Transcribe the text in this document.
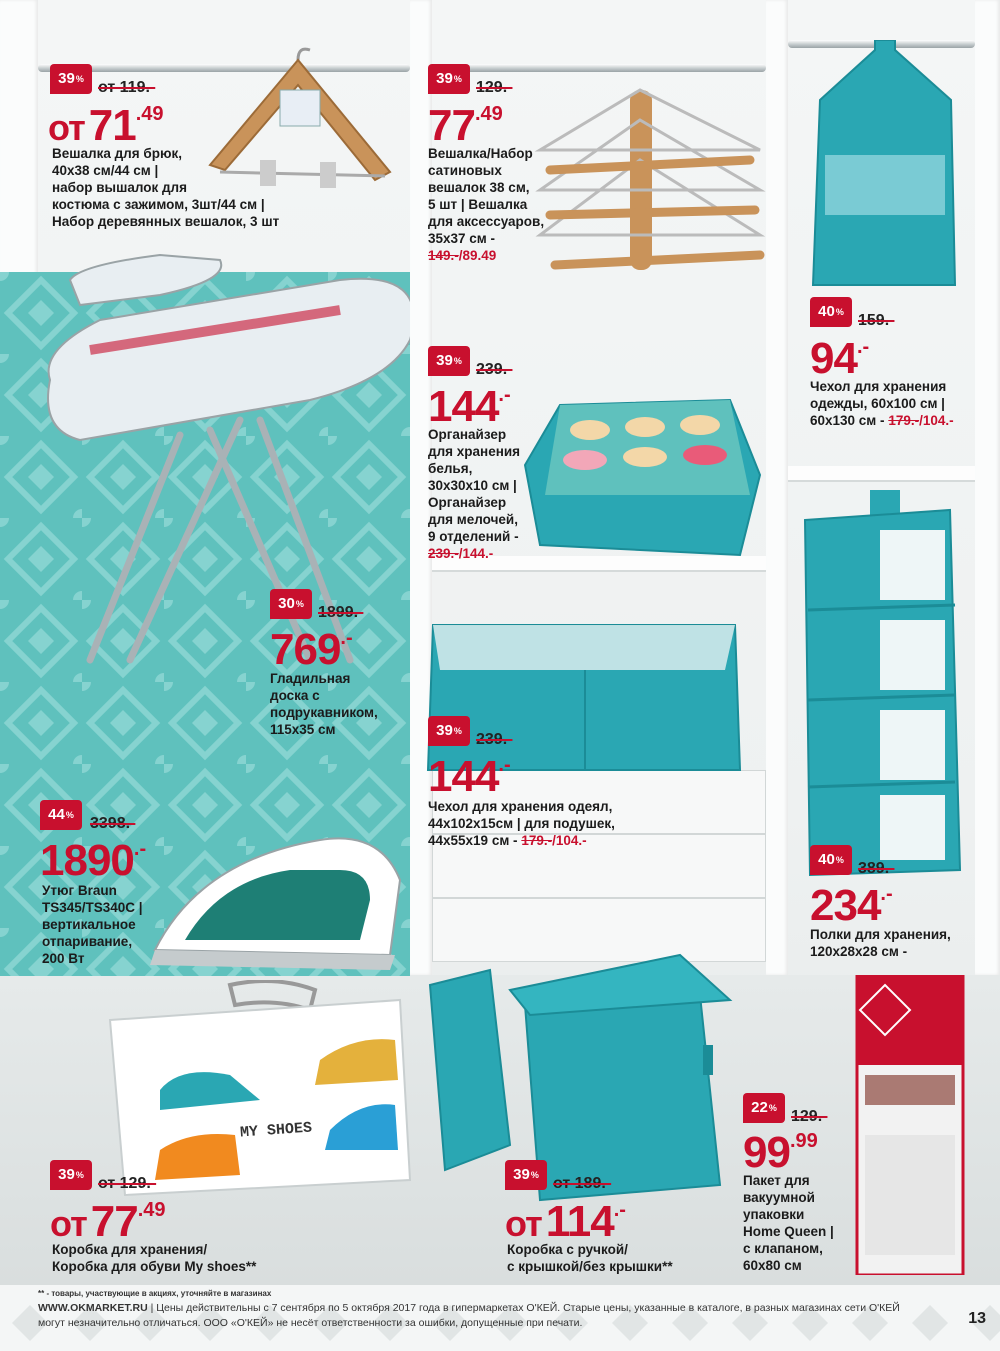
MY SHOES
39% от 119.-
$от71^{.49}$
Вешалка для брюк,
40x38 см/44 см |
набор вышалок для
костюма с зажимом, 3шт/44 см |
Набор деревянных вешалок, 3 шт
39% 129.-
$77^{.49}$
Вешалка/Набор
сатиновых
вешалок 38 см,
5 шт | Вешалка
для аксессуаров,
35x37 см -
149.-/89.49
40% 159.-
94.-
Чехол для хранения
одежды, 60x100 см |
60x130 см - 179.-/104.-
39% 239.-
144.-
Органайзер
для хранения
белья,
30x30x10 см |
Органайзер
для мелочей,
9 отделений -
239.-/144.-
30% 1899.-
769.-
Гладильная
доска с
подрукавником,
115x35 см	39% 239.-
144.-
Чехол для хранения одеял,
44x102x15см | для подушек,
44x55x19 см - 179.-/104.-
44%	3398.-
1890.-
Утюг Braun
TS345/TS340C |
вертикальное
отпаривание,
200 Вт
40% 389.-
234.-
Полки для хранения,
120x28x28 см -
39% от 129.-
$от77^{.49}$
Коробка для хранения/
Коробка для обуви My shoes**
39% от 189.-
от114.-
Коробка с ручкой/
с крышкой/без крышки**
22% 129.-
$99^{.99}$
Пакет для
вакуумной
упаковки
Home Queen |
с клапаном,
60x80 см
** - товары, участвующие в акциях, уточняйте в магазинах
WWW.OKMARKET.RU | Цены действительны с 7 сентября по 5 октября 2017 года в гипермаркетах О'КЕЙ. Старые цены, указанные в каталоге, в разных магазинах сети О'КЕЙ могут незначительно отличаться. ООО «О'КЕЙ» не несёт ответственности за ошибки, допущенные при печати.	13
